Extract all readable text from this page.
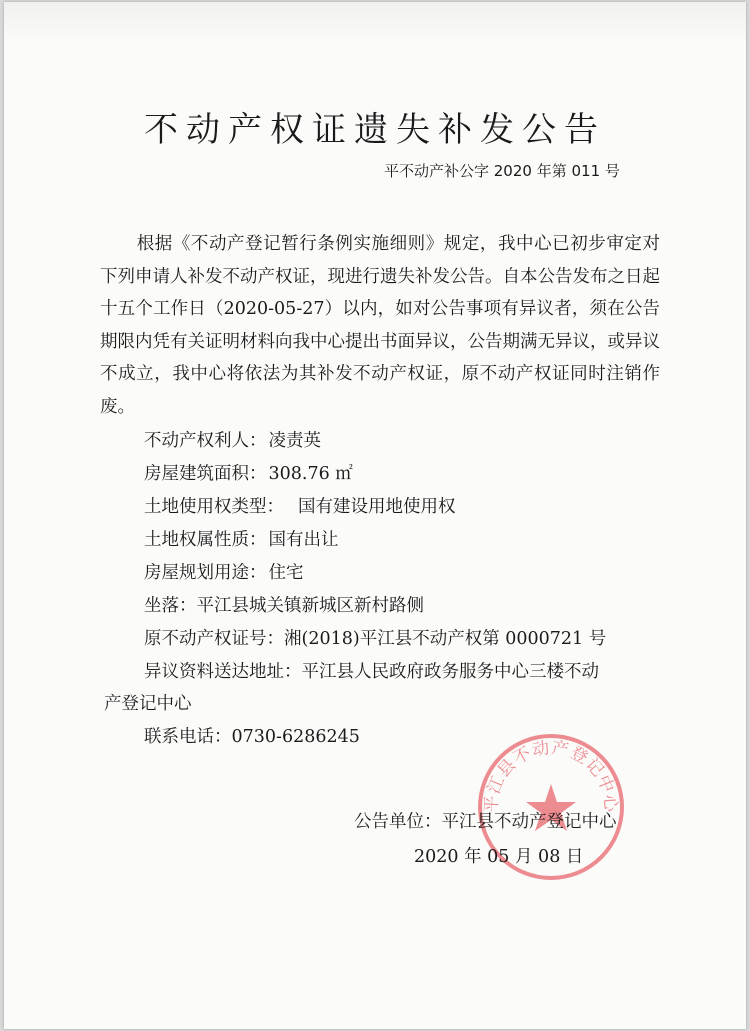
不动产权证遗失补发公告
平不动产补公字 2020 年第 011 号
根据《不动产登记暂行条例实施细则》规定，我中心已初步审定对下列申请人补发不动产权证，现进行遗失补发公告。自本公告发布之日起十五个工作日（2020-05-27）以内，如对公告事项有异议者，须在公告期限内凭有关证明材料向我中心提出书面异议，公告期满无异议，或异议不成立，我中心将依法为其补发不动产权证，原不动产权证同时注销作废。
不动产权利人： 凌责英
房屋建筑面积： 308.76 ㎡
土地使用权类型： 国有建设用地使用权
土地权属性质： 国有出让
房屋规划用途： 住宅
坐落：平江县城关镇新城区新村路侧
原不动产权证号：湘(2018)平江县不动产权第 0000721 号
异议资料送达地址：平江县人民政府政务服务中心三楼不动
产登记中心
联系电话：0730-6286245
平江县不动产登记中心
公告单位：平江县不动产登记中心
2020 年 05 月 08 日
